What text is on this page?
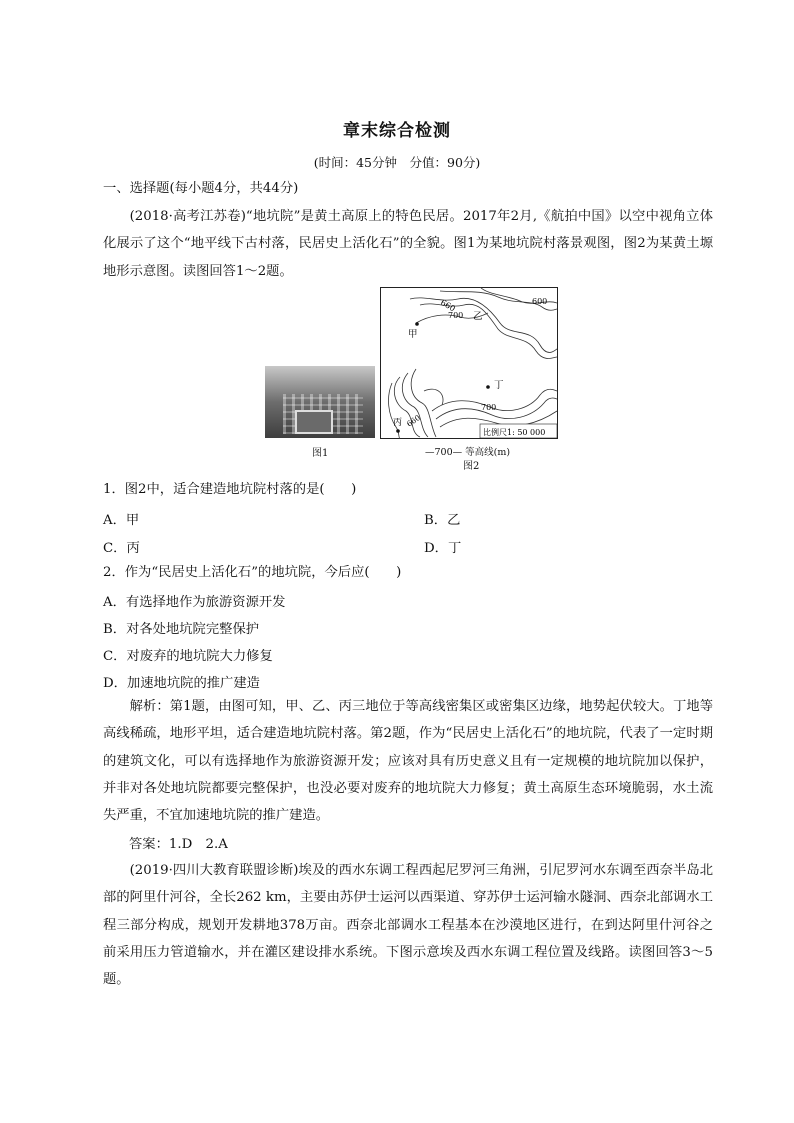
章末综合检测
(时间：45分钟　分值：90分)
一、选择题(每小题4分，共44分)
(2018·高考江苏卷)“地坑院”是黄土高原上的特色民居。2017年2月,《航拍中国》以空中视角立体化展示了这个“地平线下古村落，民居史上活化石”的全貌。图1为某地坑院村落景观图，图2为某黄土塬地形示意图。读图回答1～2题。
图1
660	600
700 乙
甲
丁
700
丙 660
比例尺1: 50 000
—700— 等高线(m)
图2
1．图2中，适合建造地坑院村落的是(　　)
A．甲	B．乙
C．丙	D．丁
2．作为“民居史上活化石”的地坑院，今后应(　　)
A．有选择地作为旅游资源开发
B．对各处地坑院完整保护
C．对废弃的地坑院大力修复
D．加速地坑院的推广建造
解析：第1题，由图可知，甲、乙、丙三地位于等高线密集区或密集区边缘，地势起伏较大。丁地等高线稀疏，地形平坦，适合建造地坑院村落。第2题，作为“民居史上活化石”的地坑院，代表了一定时期的建筑文化，可以有选择地作为旅游资源开发；应该对具有历史意义且有一定规模的地坑院加以保护，并非对各处地坑院都要完整保护，也没必要对废弃的地坑院大力修复；黄土高原生态环境脆弱，水土流失严重，不宜加速地坑院的推广建造。
答案：1.D　2.A
(2019·四川大教育联盟诊断)埃及的西水东调工程西起尼罗河三角洲，引尼罗河水东调至西奈半岛北部的阿里什河谷，全长262 km，主要由苏伊士运河以西渠道、穿苏伊士运河输水隧洞、西奈北部调水工程三部分构成，规划开发耕地378万亩。西奈北部调水工程基本在沙漠地区进行，在到达阿里什河谷之前采用压力管道输水，并在灌区建设排水系统。下图示意埃及西水东调工程位置及线路。读图回答3～5题。
